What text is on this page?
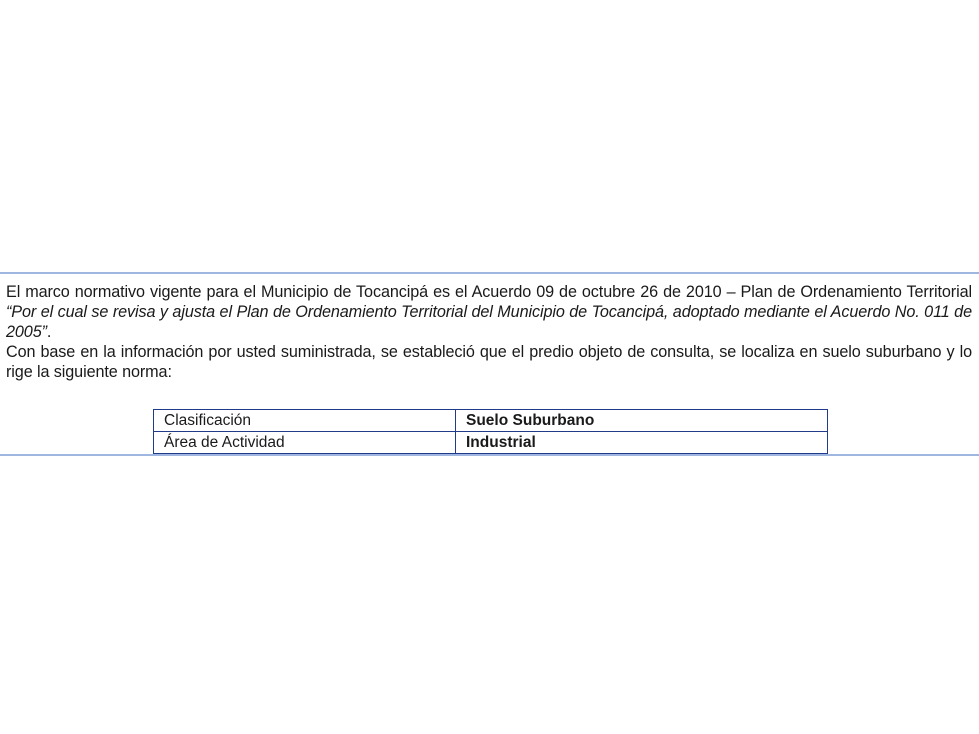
El marco normativo vigente para el Municipio de Tocancipá es el Acuerdo 09 de octubre 26 de 2010 – Plan de Ordenamiento Territorial “Por el cual se revisa y ajusta el Plan de Ordenamiento Territorial del Municipio de Tocancipá, adoptado mediante el Acuerdo No. 011 de 2005”.

Con base en la información por usted suministrada, se estableció que el predio objeto de consulta, se localiza en suelo suburbano y lo rige la siguiente norma:

Clasificación	Suelo Suburbano
Área de Actividad	Industrial
